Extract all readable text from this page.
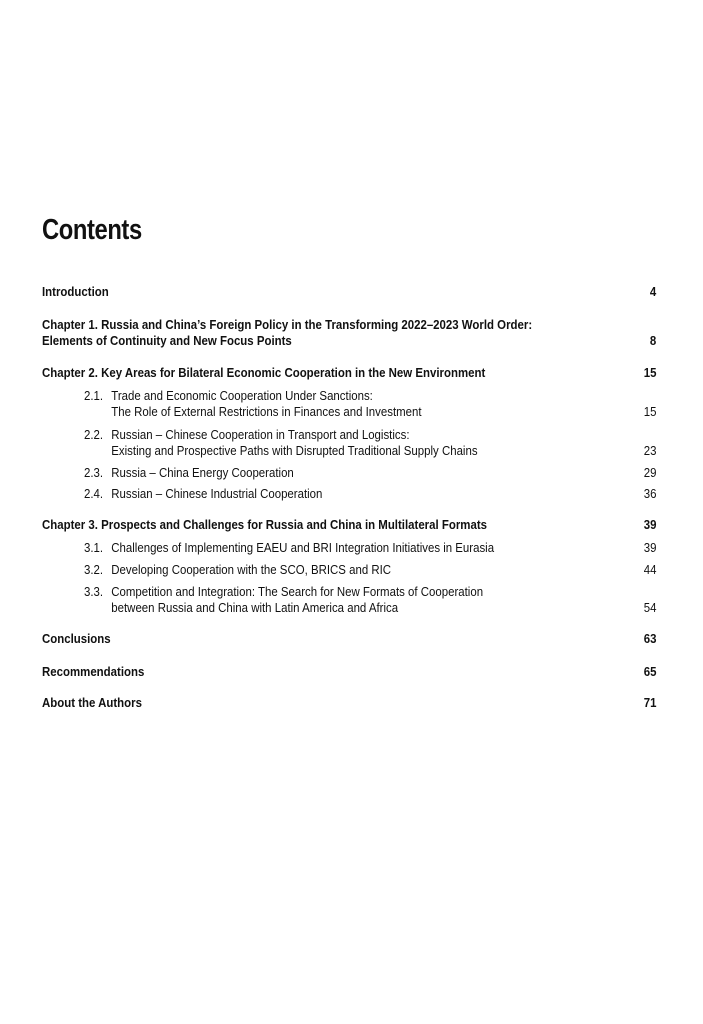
Contents
Introduction	4
Chapter 1. Russia and China’s Foreign Policy in the Transforming 2022–2023 World Order:
Elements of Continuity and New Focus Points	8
Chapter 2. Key Areas for Bilateral Economic Cooperation in the New Environment	15
2.1. Trade and Economic Cooperation Under Sanctions:
The Role of External Restrictions in Finances and Investment	15
2.2. Russian – Chinese Cooperation in Transport and Logistics:
Existing and Prospective Paths with Disrupted Traditional Supply Chains	23
2.3. Russia – China Energy Cooperation	29
2.4. Russian – Chinese Industrial Cooperation	36
Chapter 3. Prospects and Challenges for Russia and China in Multilateral Formats	39
3.1. Challenges of Implementing EAEU and BRI Integration Initiatives in Eurasia	39
3.2. Developing Cooperation with the SCO, BRICS and RIC	44
3.3. Competition and Integration: The Search for New Formats of Cooperation
between Russia and China with Latin America and Africa	54
Conclusions	63
Recommendations	65
About the Authors	71
